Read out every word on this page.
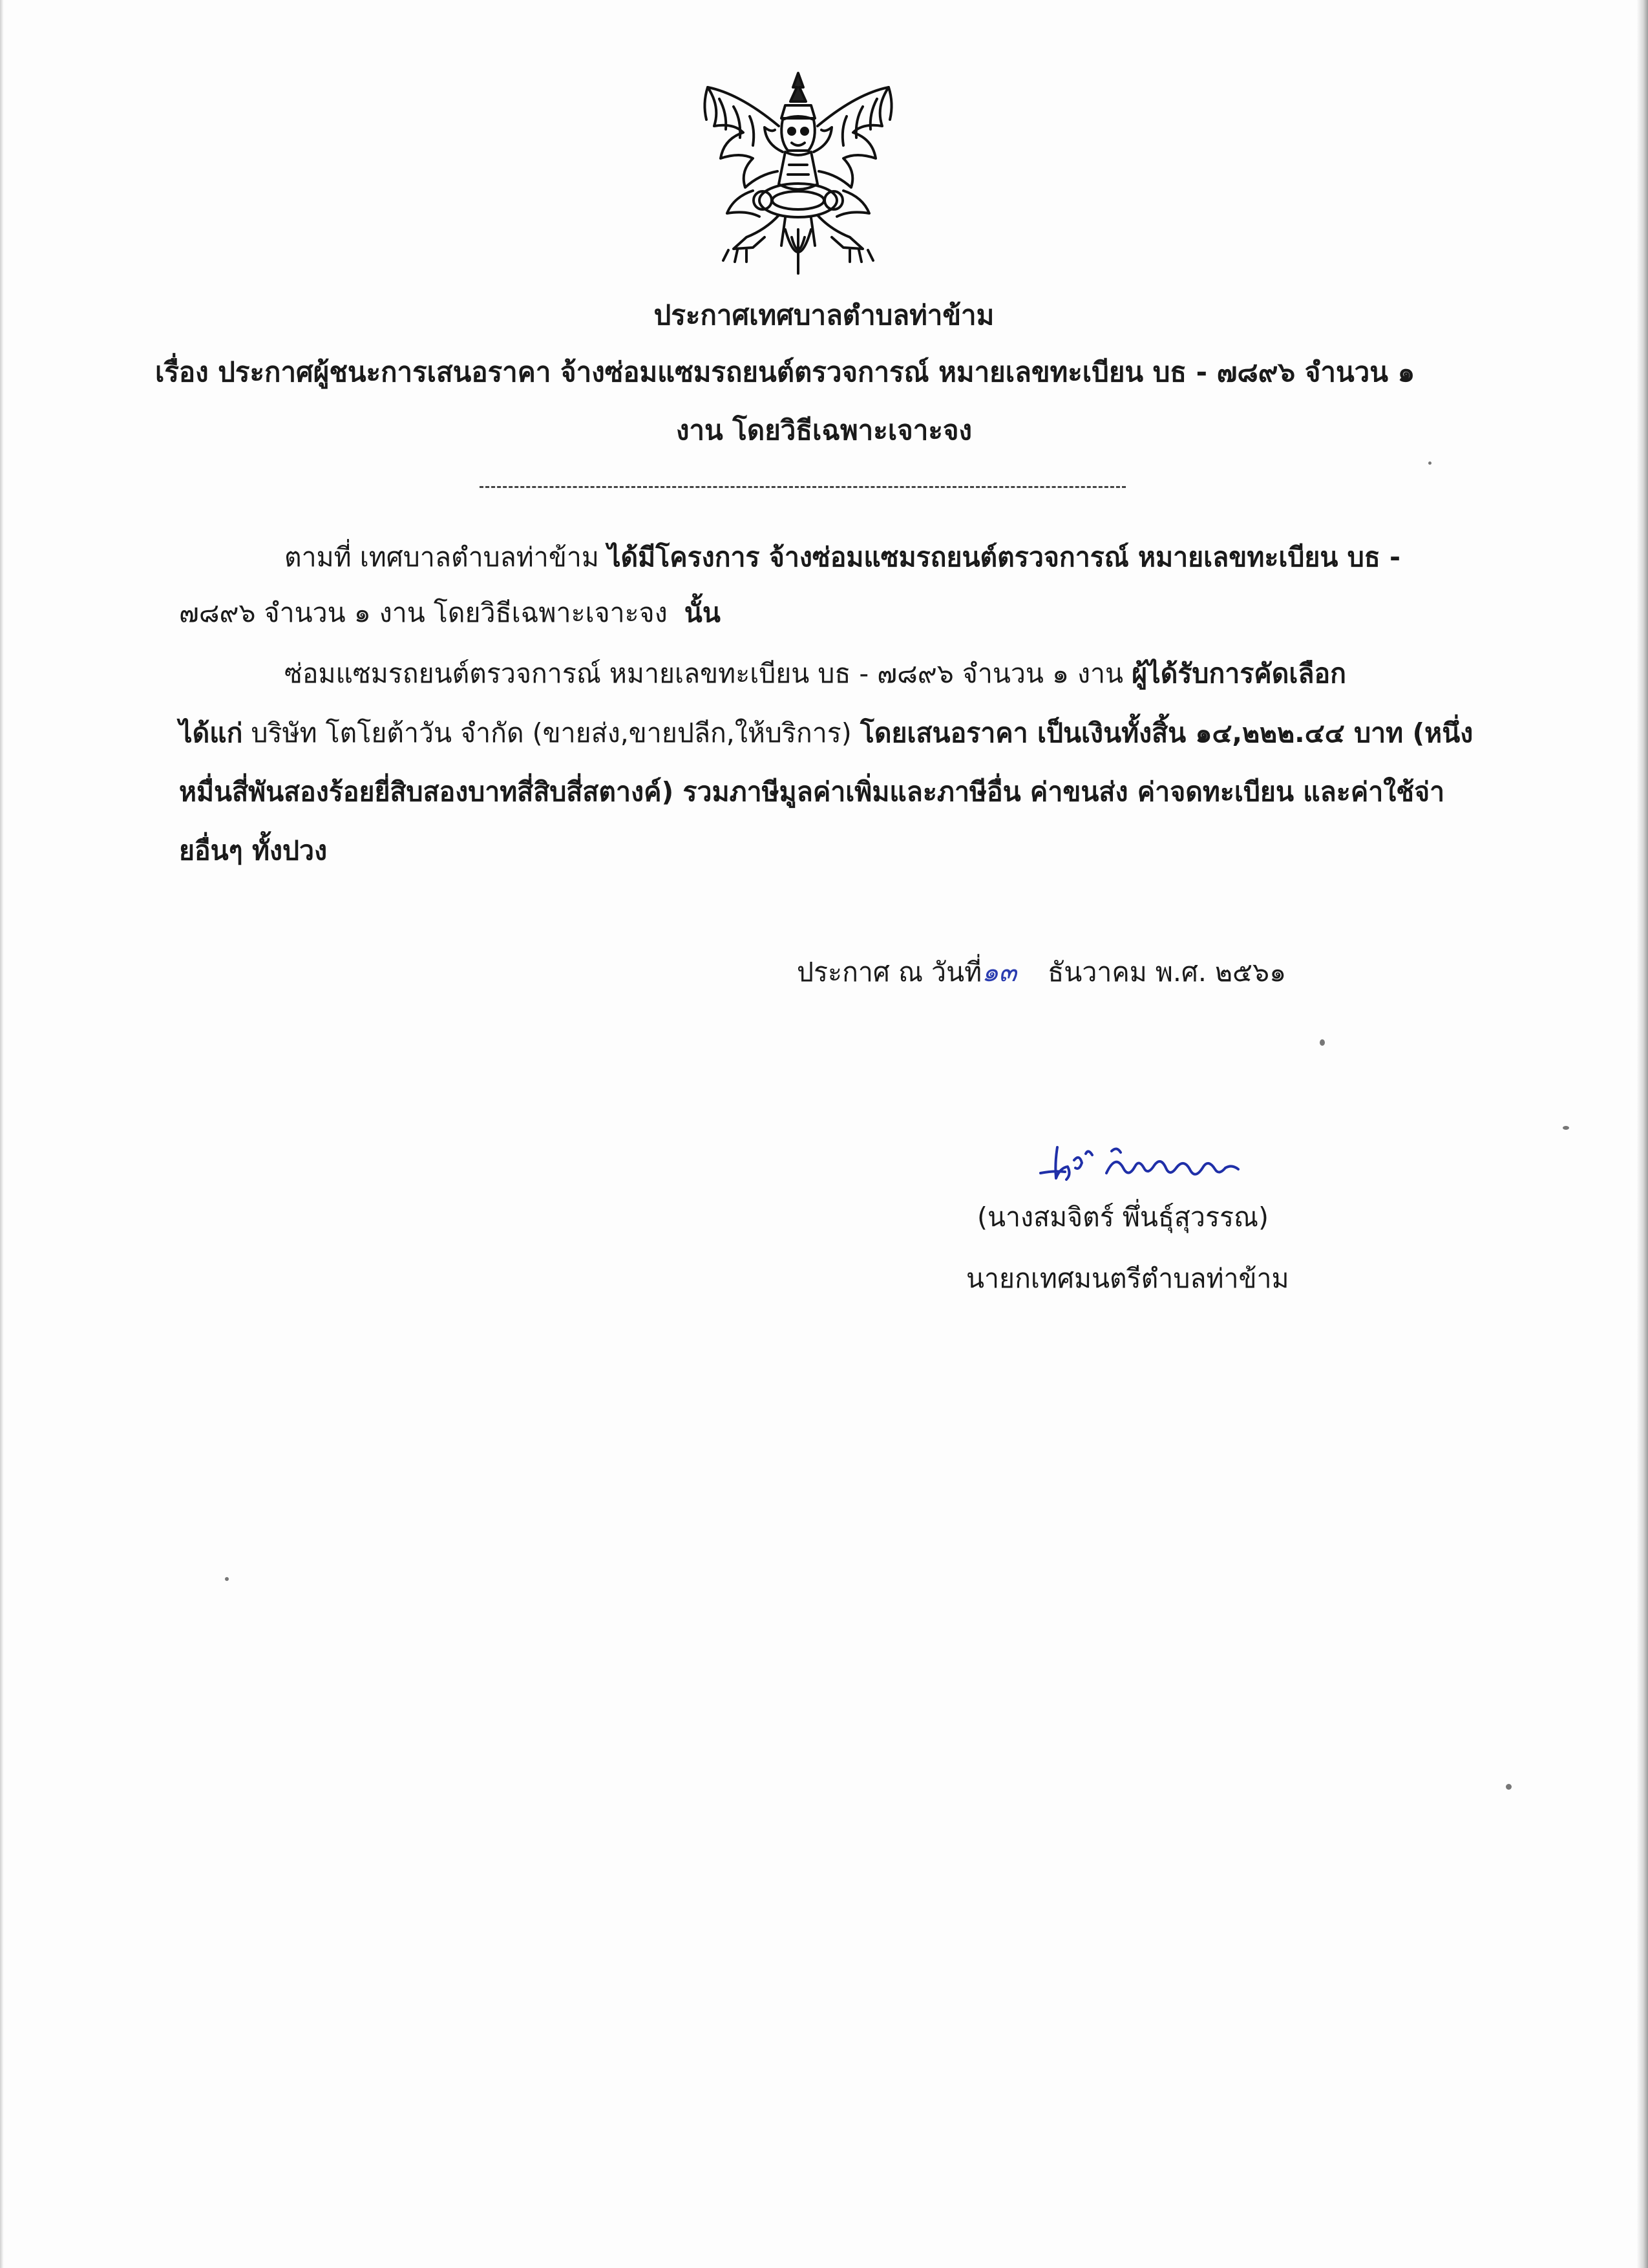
ประกาศเทศบาลตำบลท่าข้าม
เรื่อง ประกาศผู้ชนะการเสนอราคา จ้างซ่อมแซมรถยนต์ตรวจการณ์ หมายเลขทะเบียน บธ - ๗๘๙๖ จำนวน ๑
งาน โดยวิธีเฉพาะเจาะจง
ตามที่ เทศบาลตำบลท่าข้าม ได้มีโครงการ จ้างซ่อมแซมรถยนต์ตรวจการณ์ หมายเลขทะเบียน บธ -
๗๘๙๖ จำนวน ๑ งาน โดยวิธีเฉพาะเจาะจง นั้น
ซ่อมแซมรถยนต์ตรวจการณ์ หมายเลขทะเบียน บธ - ๗๘๙๖ จำนวน ๑ งาน ผู้ได้รับการคัดเลือก
ได้แก่ บริษัท โตโยต้าวัน จำกัด (ขายส่ง,ขายปลีก,ให้บริการ) โดยเสนอราคา เป็นเงินทั้งสิ้น ๑๔,๒๒๒.๔๔ บาท (หนึ่ง
หมื่นสี่พันสองร้อยยี่สิบสองบาทสี่สิบสี่สตางค์) รวมภาษีมูลค่าเพิ่มและภาษีอื่น ค่าขนส่ง ค่าจดทะเบียน และค่าใช้จ่า
ยอื่นๆ ทั้งปวง
ประกาศ ณ วันที่๑๓ ธันวาคม พ.ศ. ๒๕๖๑
(นางสมจิตร์ พึ่นธุ์สุวรรณ)
นายกเทศมนตรีตำบลท่าข้าม
